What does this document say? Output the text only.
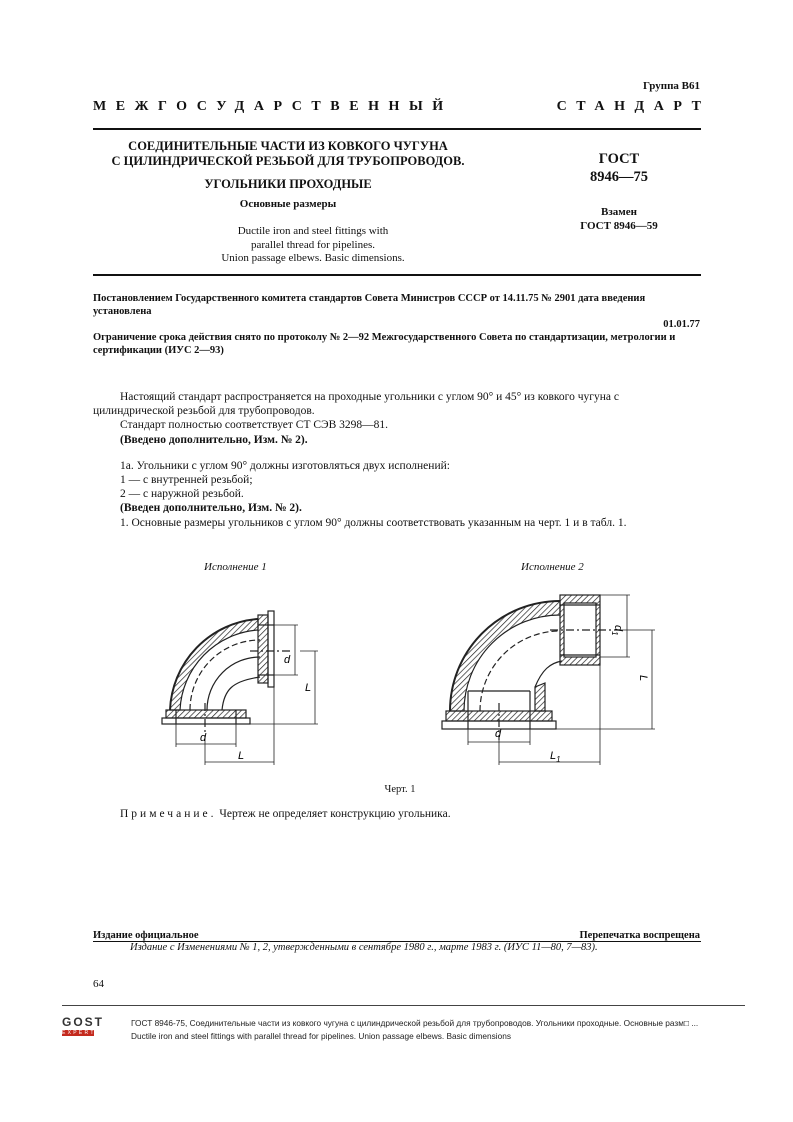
Группа В61
МЕЖГОСУДАРСТВЕННЫЙ	СТАНДАРТ
СОЕДИНИТЕЛЬНЫЕ ЧАСТИ ИЗ КОВКОГО ЧУГУНА
С ЦИЛИНДРИЧЕСКОЙ РЕЗЬБОЙ ДЛЯ ТРУБОПРОВОДОВ.
УГОЛЬНИКИ ПРОХОДНЫЕ
Основные размеры
Ductile iron and steel fittings with
parallel thread for pipelines.
Union passage elbews. Basic dimensions.
ГОСТ
8946—75
Взамен
ГОСТ 8946—59
Постановлением Государственного комитета стандартов Совета Министров СССР от 14.11.75 № 2901 дата введения установлена
01.01.77
Ограничение срока действия снято по протоколу № 2—92 Межгосударственного Совета по стандартизации, метрологии и сертификации (ИУС 2—93)
Настоящий стандарт распространяется на проходные угольники с углом 90° и 45° из ковкого чугуна с цилиндрической резьбой для трубопроводов.
Стандарт полностью соответствует СТ СЭВ 3298—81.
(Введено дополнительно, Изм. № 2).
1а. Угольники с углом 90° должны изготовляться двух исполнений:
1 — с внутренней резьбой;
2 — с наружной резьбой.
(Введен дополнительно, Изм. № 2).
1. Основные размеры угольников с углом 90° должны соответствовать указанным на черт. 1 и в табл. 1.
Исполнение 1	Исполнение 2
d
L
d
L
$d_1$
L
d
$L_1$
Черт. 1
Примечание. Чертеж не определяет конструкцию угольника.
Издание официальное	Перепечатка воспрещена
Издание с Изменениями № 1, 2, утвержденными в сентябре 1980 г., марте 1983 г. (ИУС 11—80, 7—83).
64
GOST
EXPERT
ГОСТ 8946-75, Соединительные части из ковкого чугуна с цилиндрической резьбой для трубопроводов. Угольники проходные. Основные разм□ ...
Ductile iron and steel fittings with parallel thread for pipelines. Union passage elbews. Basic dimensions
